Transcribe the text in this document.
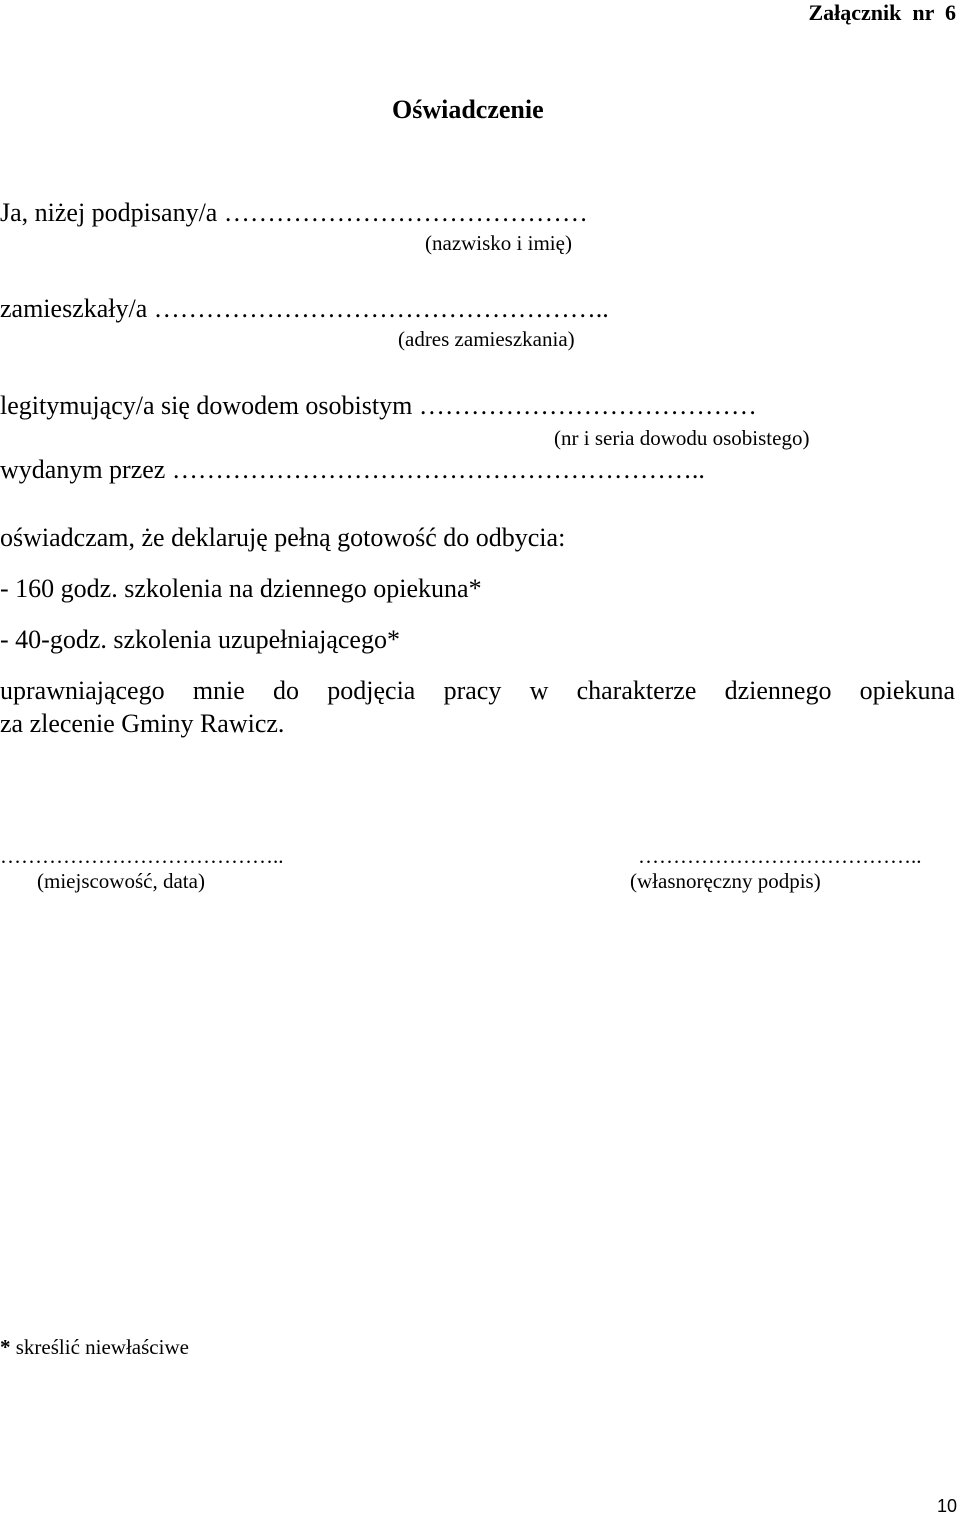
Załącznik  nr  6
Oświadczenie
Ja, niżej podpisany/a ……………………………………
(nazwisko i imię)
zamieszkały/a ……………………………………………..
(adres zamieszkania)
legitymujący/a się dowodem osobistym …………………………………
(nr i seria dowodu osobistego)
wydanym przez ……………………………………………………..
oświadczam, że deklaruję pełną gotowość do odbycia:
- 160 godz. szkolenia na dziennego opiekuna*
- 40-godz. szkolenia uzupełniającego*
uprawniającego mnie do podjęcia pracy w charakterze dziennego opiekuna
za zlecenie Gminy Rawicz.
…………………………………..
(miejscowość, data)
…………………………………..
(własnoręczny podpis)
* skreślić niewłaściwe
10
